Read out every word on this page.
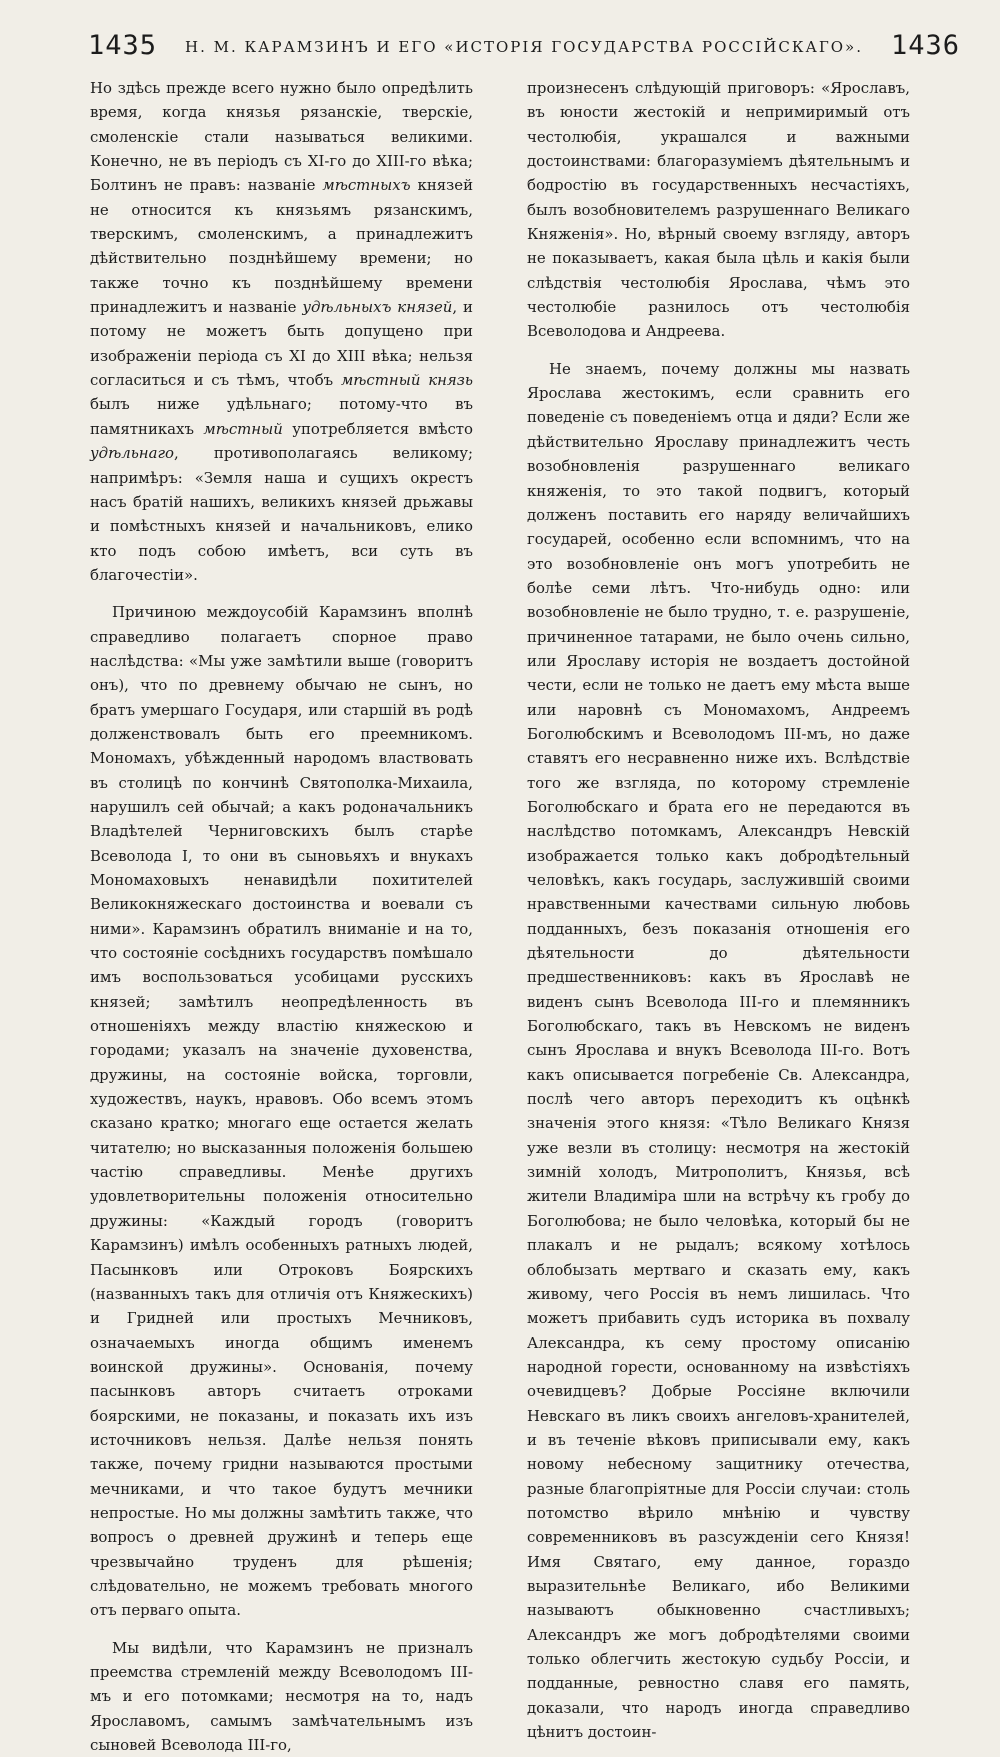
1435	Н. М. КАРАМЗИНЪ И ЕГО «ИСТОРІЯ ГОСУДАРСТВА РОССІЙСКАГО».	1436

Но здѣсь прежде всего нужно было опредѣлить время, когда князья рязанскіе, тверскіе, смоленскіе стали называться великими. Конечно, не въ періодъ съ XI-го до XIII-го вѣка; Болтинъ не правъ: названіе мѣстныхъ князей не относится къ князьямъ рязанскимъ, тверскимъ, смоленскимъ, а принадлежитъ дѣйствительно позднѣйшему времени; но также точно къ позднѣйшему времени принадлежитъ и названіе удѣльныхъ князей, и потому не можетъ быть допущено при изображеніи періода съ XI до XIII вѣка; нельзя согласиться и съ тѣмъ, чтобъ мѣстный князь былъ ниже удѣльнаго; потому-что въ памятникахъ мѣстный употребляется вмѣсто удѣльнаго, противополагаясь великому; напримѣръ: «Земля наша и сущихъ окрестъ насъ братій нашихъ, великихъ князей дрьжавы и помѣстныхъ князей и начальниковъ, елико кто подъ собою имѣетъ, вси суть въ благочестіи».

Причиною междоусобій Карамзинъ вполнѣ справедливо полагаетъ спорное право наслѣдства: «Мы уже замѣтили выше (говоритъ онъ), что по древнему обычаю не сынъ, но братъ умершаго Государя, или старшій въ родѣ долженствовалъ быть его преемникомъ. Мономахъ, убѣжденный народомъ властвовать въ столицѣ по кончинѣ Святополка-Михаила, нарушилъ сей обычай; а какъ родоначальникъ Владѣтелей Черниговскихъ былъ старѣе Всеволода I, то они въ сыновьяхъ и внукахъ Мономаховыхъ ненавидѣли похитителей Великокняжескаго достоинства и воевали съ ними». Карамзинъ обратилъ вниманіе и на то, что состояніе сосѣднихъ государствъ помѣшало имъ воспользоваться усобицами русскихъ князей; замѣтилъ неопредѣленность въ отношеніяхъ между властію княжескою и городами; указалъ на значеніе духовенства, дружины, на состояніе войска, торговли, художествъ, наукъ, нравовъ. Обо всемъ этомъ сказано кратко; многаго еще остается желать читателю; но высказанныя положенія большею частію справедливы. Менѣе другихъ удовлетворительны положенія относительно дружины: «Каждый городъ (говоритъ Карамзинъ) имѣлъ особенныхъ ратныхъ людей, Пасынковъ или Отроковъ Боярскихъ (названныхъ такъ для отличія отъ Княжескихъ) и Гридней или простыхъ Мечниковъ, означаемыхъ иногда общимъ именемъ воинской дружины». Основанія, почему пасынковъ авторъ считаетъ отроками боярскими, не показаны, и показать ихъ изъ источниковъ нельзя. Далѣе нельзя понять также, почему гридни называются простыми мечниками, и что такое будутъ мечники непростые. Но мы должны замѣтить также, что вопросъ о древней дружинѣ и теперь еще чрезвычайно труденъ для рѣшенія; слѣдовательно, не можемъ требовать многого отъ перваго опыта.

Мы видѣли, что Карамзинъ не призналъ преемства стремленій между Всеволодомъ III-мъ и его потомками; несмотря на то, надъ Ярославомъ, самымъ замѣчательнымъ изъ сыновей Всеволода III-го,

произнесенъ слѣдующій приговоръ: «Ярославъ, въ юности жестокій и непримиримый отъ честолюбія, украшался и важными достоинствами: благоразуміемъ дѣятельнымъ и бодростію въ государственныхъ несчастіяхъ, былъ возобновителемъ разрушеннаго Великаго Княженія». Но, вѣрный своему взгляду, авторъ не показываетъ, какая была цѣль и какія были слѣдствія честолюбія Ярослава, чѣмъ это честолюбіе разнилось отъ честолюбія Всеволодова и Андреева.

Не знаемъ, почему должны мы назвать Ярослава жестокимъ, если сравнить его поведеніе съ поведеніемъ отца и дяди? Если же дѣйствительно Ярославу принадлежитъ честь возобновленія разрушеннаго великаго княженія, то это такой подвигъ, который долженъ поставить его наряду величайшихъ государей, особенно если вспомнимъ, что на это возобновленіе онъ могъ употребить не болѣе семи лѣтъ. Что-нибудь одно: или возобновленіе не было трудно, т. е. разрушеніе, причиненное татарами, не было очень сильно, или Ярославу исторія не воздаетъ достойной чести, если не только не даетъ ему мѣста выше или наровнѣ съ Мономахомъ, Андреемъ Боголюбскимъ и Всеволодомъ III-мъ, но даже ставятъ его несравненно ниже ихъ. Вслѣдствіе того же взгляда, по которому стремленіе Боголюбскаго и брата его не передаются въ наслѣдство потомкамъ, Александръ Невскій изображается только какъ добродѣтельный человѣкъ, какъ государь, заслужившій своими нравственными качествами сильную любовь подданныхъ, безъ показанія отношенія его дѣятельности до дѣятельности предшественниковъ: какъ въ Ярославѣ не виденъ сынъ Всеволода III-го и племянникъ Боголюбскаго, такъ въ Невскомъ не виденъ сынъ Ярослава и внукъ Всеволода III-го. Вотъ какъ описывается погребеніе Св. Александра, послѣ чего авторъ переходитъ къ оцѣнкѣ значенія этого князя: «Тѣло Великаго Князя уже везли въ столицу: несмотря на жестокій зимній холодъ, Митрополитъ, Князья, всѣ жители Владиміра шли на встрѣчу къ гробу до Боголюбова; не было человѣка, который бы не плакалъ и не рыдалъ; всякому хотѣлось облобызать мертваго и сказать ему, какъ живому, чего Россія въ немъ лишилась. Что можетъ прибавить судъ историка въ похвалу Александра, къ сему простому описанію народной горести, основанному на извѣстіяхъ очевидцевъ? Добрые Россіяне включили Невскаго въ ликъ своихъ ангеловъ-хранителей, и въ теченіе вѣковъ приписывали ему, какъ новому небесному защитнику отечества, разные благопріятные для Россіи случаи: столь потомство вѣрило мнѣнію и чувству современниковъ въ разсужденіи сего Князя! Имя Святаго, ему данное, гораздо выразительнѣе Великаго, ибо Великими называютъ обыкновенно счастливыхъ; Александръ же могъ добродѣтелями своими только облегчить жестокую судьбу Россіи, и подданные, ревностно славя его память, доказали, что народъ иногда справедливо цѣнитъ достоин-
